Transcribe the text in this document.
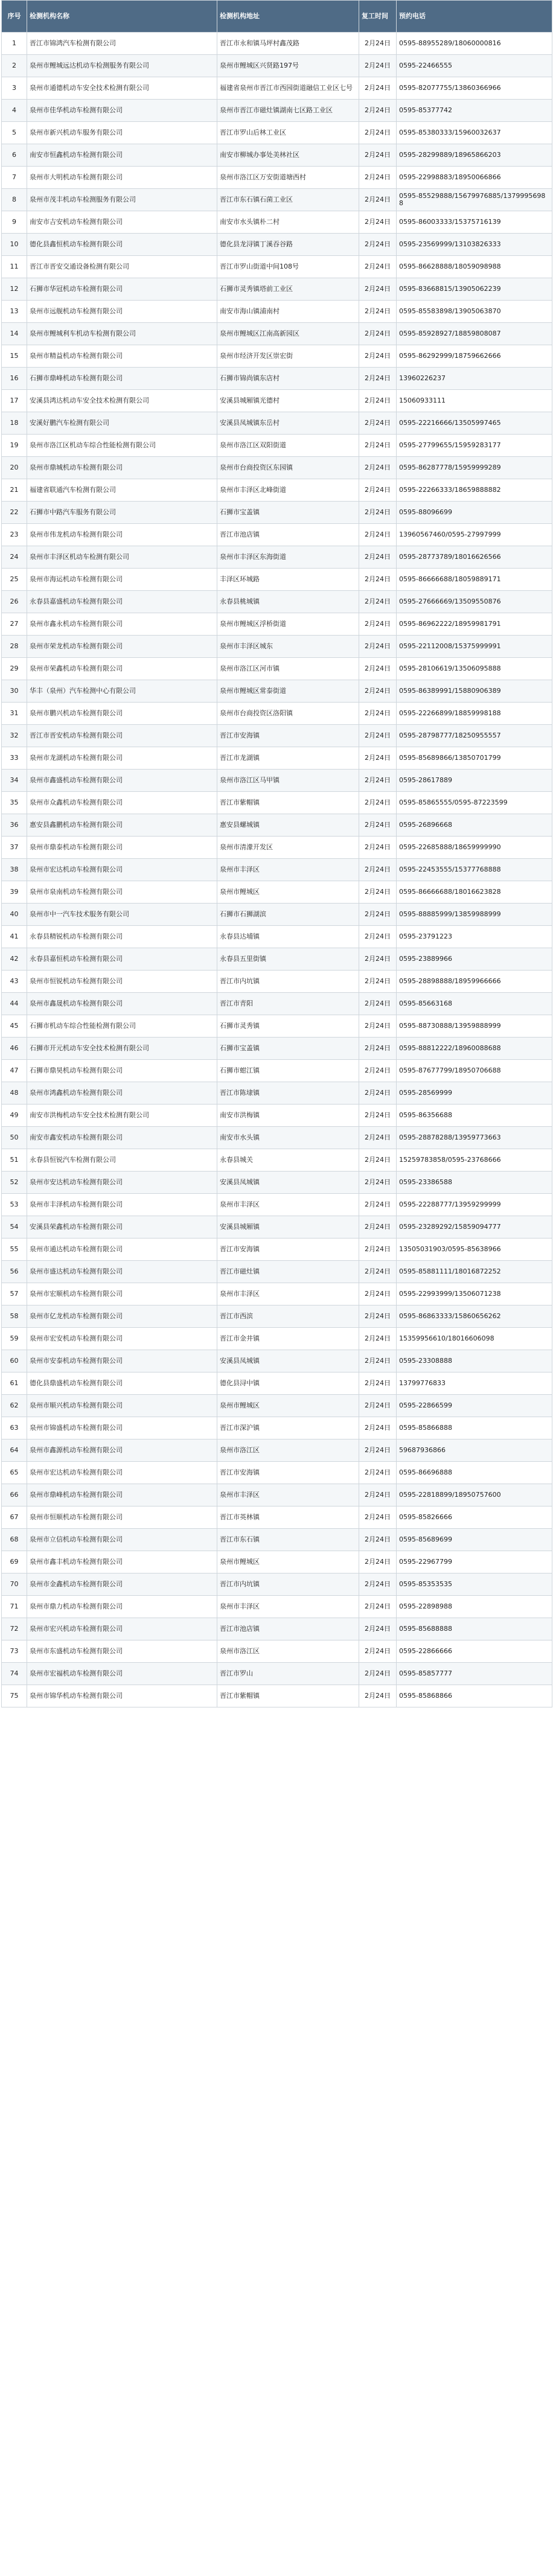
序号	检测机构名称	检测机构地址	复工时间	预约电话
1	晋江市锦鸿汽车检测有限公司	晋江市永和镇马坪村鑫茂路	2月24日	0595-88955289/18060000816
2	泉州市鲤城远达机动车检测服务有限公司	泉州市鲤城区兴贤路197号	2月24日	0595-22466555
3	泉州市通德机动车安全技术检测有限公司	福建省泉州市晋江市西园街道融信工业区七号	2月24日	0595-82077755/13860366966
4	泉州市佳华机动车检测有限公司	泉州市晋江市磁灶镇湖南七区路工业区	2月24日	0595-85377742
5	泉州市新兴机动车服务有限公司	晋江市罗山后林工业区	2月24日	0595-85380333/15960032637
6	南安市恒鑫机动车检测有限公司	南安市柳城办事处美林社区	2月24日	0595-28299889/18965866203
7	泉州市大明机动车检测有限公司	泉州市洛江区万安街道塘西村	2月24日	0595-22998883/18950066866
8	泉州市茂丰机动车检测服务有限公司	晋江市东石镇石菌工业区	2月24日	0595-85529888/15679976885/13799956988
9	南安市吉安机动车检测有限公司	南安市水头镇朴二村	2月24日	0595-86003333/15375716139
10	德化县鑫恒机动车检测有限公司	德化县龙浔镇丁溪吞谷路	2月24日	0595-23569999/13103826333
11	晋江市晋安交通设备检测有限公司	晋江市罗山街道中间108号	2月24日	0595-86628888/18059098988
12	石狮市华冠机动车检测有限公司	石狮市灵秀镇塔前工业区	2月24日	0595-83668815/13905062239
13	泉州市远舰机动车检测有限公司	南安市海山镇浦南村	2月24日	0595-85583898/13905063870
14	泉州市鲤城利车机动车检测有限公司	泉州市鲤城区江南高新园区	2月24日	0595-85928927/18859808087
15	泉州市精益机动车检测有限公司	泉州市经济开发区崇宏街	2月24日	0595-86292999/18759662666
16	石狮市鼎峰机动车检测有限公司	石狮市锦尚镇东店村	2月24日	13960226237
17	安溪县鸿达机动车安全技术检测有限公司	安溪县城厢镇光德村	2月24日	15060933111
18	安溪好鹏汽车检测有限公司	安溪县凤城镇东岳村	2月24日	0595-22216666/13505997465
19	泉州市洛江区机动车综合性能检测有限公司	泉州市洛江区双阳街道	2月24日	0595-27799655/15959283177
20	泉州市鼎城机动车检测有限公司	泉州市台商投资区东园镇	2月24日	0595-86287778/15959999289
21	福建省联通汽车检测有限公司	泉州市丰泽区北峰街道	2月24日	0595-22266333/18659888882
22	石狮市中路汽车服务有限公司	石狮市宝盖镇	2月24日	0595-88096699
23	泉州市伟龙机动车检测有限公司	晋江市池店镇	2月24日	13960567460/0595-27997999
24	泉州市丰泽区机动车检测有限公司	泉州市丰泽区东海街道	2月24日	0595-28773789/18016626566
25	泉州市海运机动车检测有限公司	丰泽区环城路	2月24日	0595-86666688/18059889171
26	永春县嘉盛机动车检测有限公司	永春县桃城镇	2月24日	0595-27666669/13509550876
27	泉州市鑫永机动车检测有限公司	泉州市鲤城区浮桥街道	2月24日	0595-86962222/18959981791
28	泉州市荣龙机动车检测有限公司	泉州市丰泽区城东	2月24日	0595-22112008/15375999991
29	泉州市荣鑫机动车检测有限公司	泉州市洛江区河市镇	2月24日	0595-28106619/13506095888
30	华丰（泉州）汽车检测中心有限公司	泉州市鲤城区常泰街道	2月24日	0595-86389991/15880906389
31	泉州市鹏兴机动车检测有限公司	泉州市台商投资区洛阳镇	2月24日	0595-22266899/18859998188
32	晋江市晋安机动车检测有限公司	晋江市安海镇	2月24日	0595-28798777/18250955557
33	泉州市龙湖机动车检测有限公司	晋江市龙湖镇	2月24日	0595-85689866/13850701799
34	泉州市鑫盛机动车检测有限公司	泉州市洛江区马甲镇	2月24日	0595-28617889
35	泉州市众鑫机动车检测有限公司	晋江市紫帽镇	2月24日	0595-85865555/0595-87223599
36	惠安县鑫鹏机动车检测有限公司	惠安县螺城镇	2月24日	0595-26896668
37	泉州市鼎泰机动车检测有限公司	泉州市清濛开发区	2月24日	0595-22685888/18659999990
38	泉州市宏达机动车检测有限公司	泉州市丰泽区	2月24日	0595-22453555/15377768888
39	泉州市泉南机动车检测有限公司	泉州市鲤城区	2月24日	0595-86666688/18016623828
40	泉州市中一汽车技术服务有限公司	石狮市石狮湖滨	2月24日	0595-88885999/13859988999
41	永春县精锐机动车检测有限公司	永春县达埔镇	2月24日	0595-23791223
42	永春县嘉恒机动车检测有限公司	永春县五里街镇	2月24日	0595-23889966
43	泉州市恒锐机动车检测有限公司	晋江市内坑镇	2月24日	0595-28898888/18959966666
44	泉州市鑫晟机动车检测有限公司	晋江市青阳	2月24日	0595-85663168
45	石狮市机动车综合性能检测有限公司	石狮市灵秀镇	2月24日	0595-88730888/13959888999
46	石狮市开元机动车安全技术检测有限公司	石狮市宝盖镇	2月24日	0595-88812222/18960088688
47	石狮市鼎昊机动车检测有限公司	石狮市蚶江镇	2月24日	0595-87677799/18950706688
48	泉州市鸿鑫机动车检测有限公司	晋江市陈埭镇	2月24日	0595-28569999
49	南安市洪梅机动车安全技术检测有限公司	南安市洪梅镇	2月24日	0595-86356688
50	南安市鑫安机动车检测有限公司	南安市水头镇	2月24日	0595-28878288/13959773663
51	永春县恒锐汽车检测有限公司	永春县城关	2月24日	15259783858/0595-23768666
52	泉州市安达机动车检测有限公司	安溪县凤城镇	2月24日	0595-23386588
53	泉州市丰泽机动车检测有限公司	泉州市丰泽区	2月24日	0595-22288777/13959299999
54	安溪县荣鑫机动车检测有限公司	安溪县城厢镇	2月24日	0595-23289292/15859094777
55	泉州市通达机动车检测有限公司	晋江市安海镇	2月24日	13505031903/0595-85638966
56	泉州市盛达机动车检测有限公司	晋江市磁灶镇	2月24日	0595-85881111/18016872252
57	泉州市宏顺机动车检测有限公司	泉州市丰泽区	2月24日	0595-22993999/13506071238
58	泉州市亿龙机动车检测有限公司	晋江市西滨	2月24日	0595-86863333/15860656262
59	泉州市宏安机动车检测有限公司	晋江市金井镇	2月24日	15359956610/18016606098
60	泉州市安泰机动车检测有限公司	安溪县凤城镇	2月24日	0595-23308888
61	德化县鼎盛机动车检测有限公司	德化县浔中镇	2月24日	13799776833
62	泉州市顺兴机动车检测有限公司	泉州市鲤城区	2月24日	0595-22866599
63	泉州市锦盛机动车检测有限公司	晋江市深沪镇	2月24日	0595-85866888
64	泉州市鑫源机动车检测有限公司	泉州市洛江区	2月24日	59687936866
65	泉州市宏达机动车检测有限公司	晋江市安海镇	2月24日	0595-86696888
66	泉州市鼎峰机动车检测有限公司	泉州市丰泽区	2月24日	0595-22818899/18950757600
67	泉州市恒顺机动车检测有限公司	晋江市英林镇	2月24日	0595-85826666
68	泉州市立信机动车检测有限公司	晋江市东石镇	2月24日	0595-85689699
69	泉州市鑫丰机动车检测有限公司	泉州市鲤城区	2月24日	0595-22967799
70	泉州市金鑫机动车检测有限公司	晋江市内坑镇	2月24日	0595-85353535
71	泉州市鼎力机动车检测有限公司	泉州市丰泽区	2月24日	0595-22898988
72	泉州市宏兴机动车检测有限公司	晋江市池店镇	2月24日	0595-85688888
73	泉州市东盛机动车检测有限公司	泉州市洛江区	2月24日	0595-22866666
74	泉州市宏福机动车检测有限公司	晋江市罗山	2月24日	0595-85857777
75	泉州市锦华机动车检测有限公司	晋江市紫帽镇	2月24日	0595-85868866
